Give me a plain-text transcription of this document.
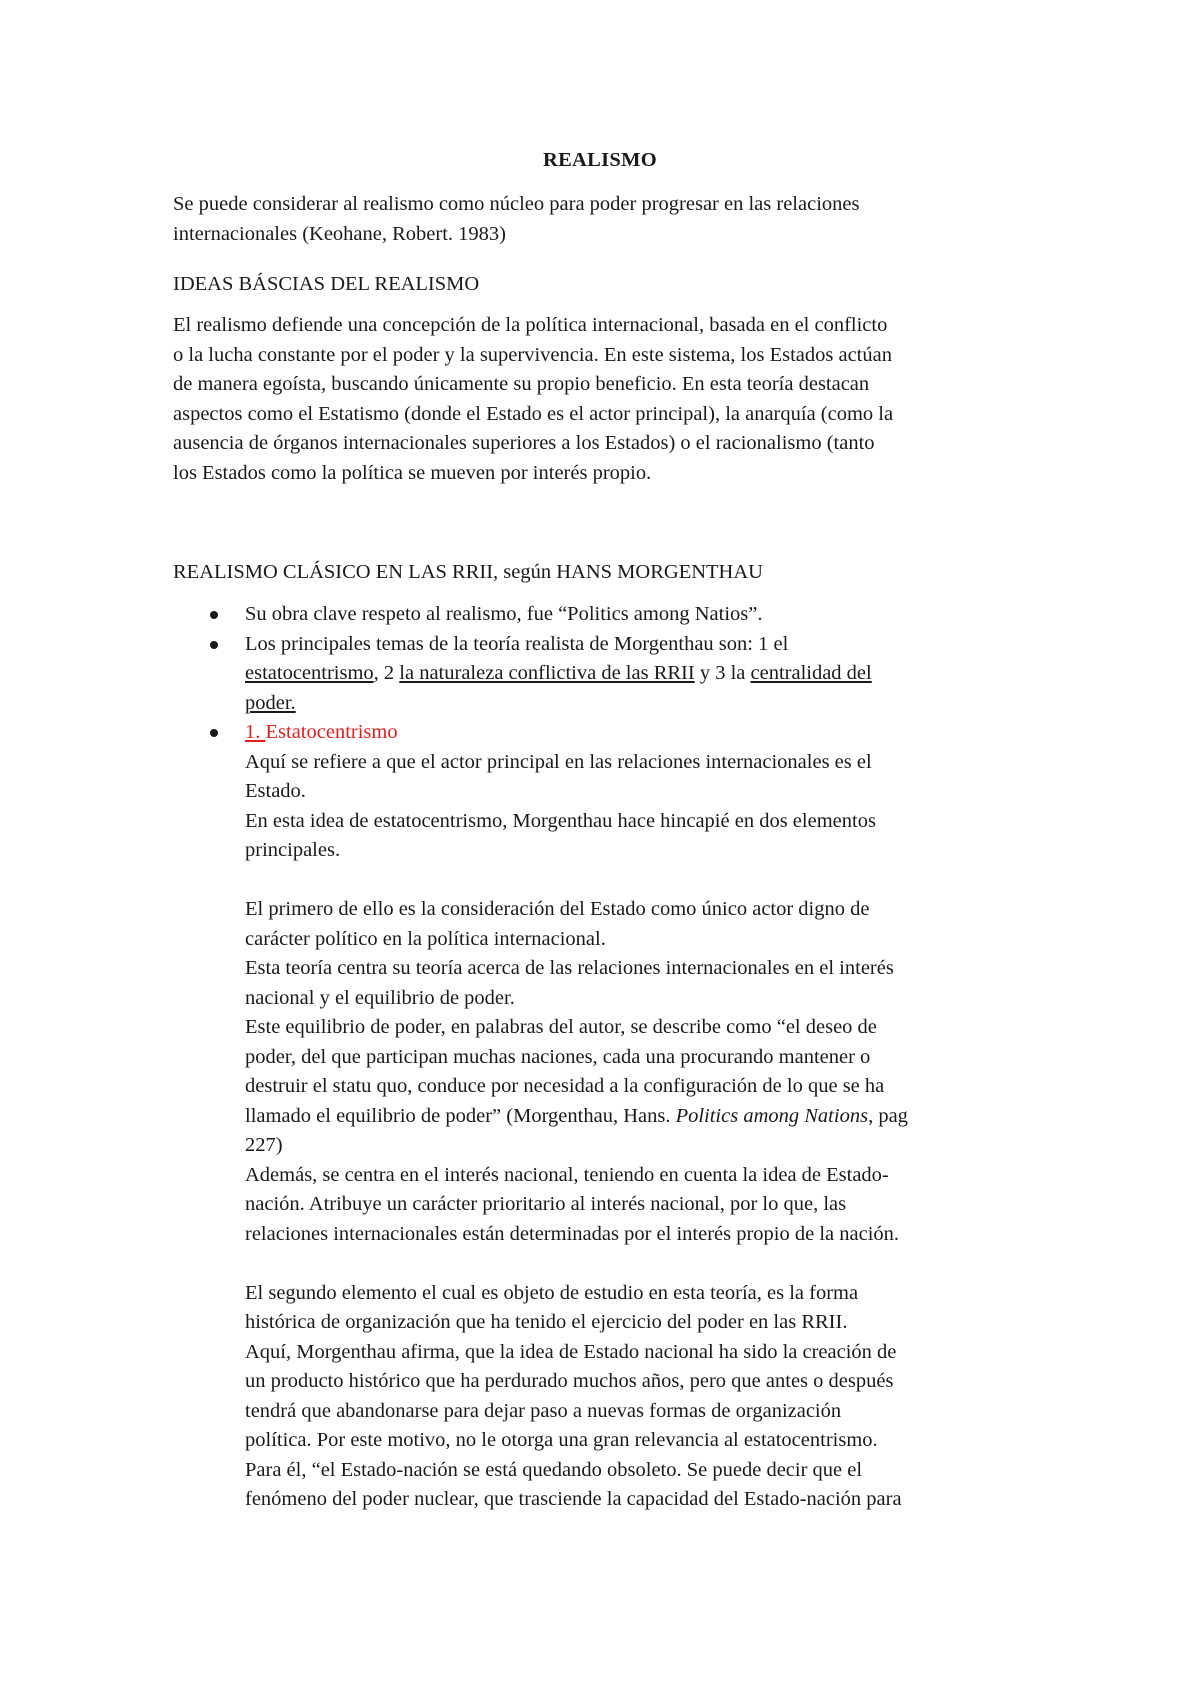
REALISMO

Se puede considerar al realismo como núcleo para poder progresar en las relaciones
internacionales (Keohane, Robert. 1983)

IDEAS BÁSCIAS DEL REALISMO

El realismo defiende una concepción de la política internacional, basada en el conflicto
o la lucha constante por el poder y la supervivencia. En este sistema, los Estados actúan
de manera egoísta, buscando únicamente su propio beneficio. En esta teoría destacan
aspectos como el Estatismo (donde el Estado es el actor principal), la anarquía (como la
ausencia de órganos internacionales superiores a los Estados) o el racionalismo (tanto
los Estados como la política se mueven por interés propio.

REALISMO CLÁSICO EN LAS RRII, según HANS MORGENTHAU

Su obra clave respeto al realismo, fue “Politics among Natios”.
Los principales temas de la teoría realista de Morgenthau son: 1 el
estatocentrismo, 2 la naturaleza conflictiva de las RRII y 3 la centralidad del
poder.
1. Estatocentrismo
Aquí se refiere a que el actor principal en las relaciones internacionales es el
Estado.
En esta idea de estatocentrismo, Morgenthau hace hincapié en dos elementos
principales.
El primero de ello es la consideración del Estado como único actor digno de
carácter político en la política internacional.
Esta teoría centra su teoría acerca de las relaciones internacionales en el interés
nacional y el equilibrio de poder.
Este equilibrio de poder, en palabras del autor, se describe como “el deseo de
poder, del que participan muchas naciones, cada una procurando mantener o
destruir el statu quo, conduce por necesidad a la configuración de lo que se ha
llamado el equilibrio de poder” (Morgenthau, Hans. Politics among Nations, pag
227)
Además, se centra en el interés nacional, teniendo en cuenta la idea de Estado-
nación. Atribuye un carácter prioritario al interés nacional, por lo que, las
relaciones internacionales están determinadas por el interés propio de la nación.
El segundo elemento el cual es objeto de estudio en esta teoría, es la forma
histórica de organización que ha tenido el ejercicio del poder en las RRII.
Aquí, Morgenthau afirma, que la idea de Estado nacional ha sido la creación de
un producto histórico que ha perdurado muchos años, pero que antes o después
tendrá que abandonarse para dejar paso a nuevas formas de organización
política. Por este motivo, no le otorga una gran relevancia al estatocentrismo.
Para él, “el Estado-nación se está quedando obsoleto. Se puede decir que el
fenómeno del poder nuclear, que trasciende la capacidad del Estado-nación para
